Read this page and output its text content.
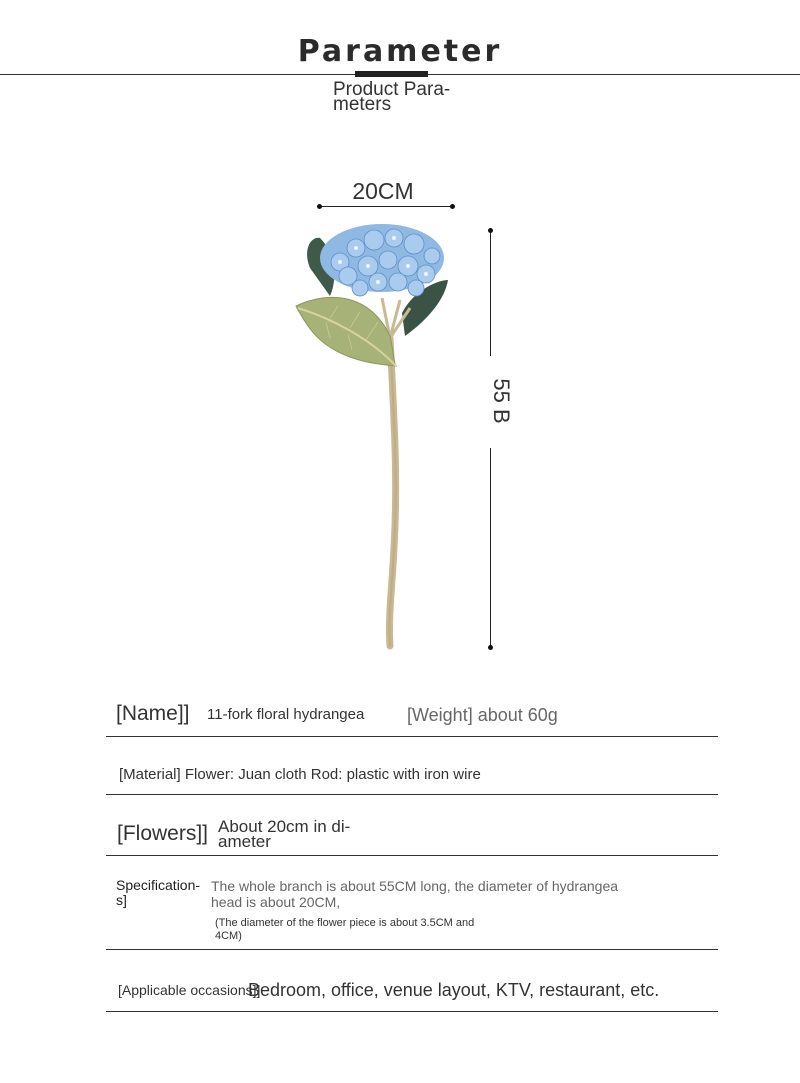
Parameter
Product Para-meters
20CM
55 B
[Name]] 11-fork floral hydrangea [Weight] about 60g
[Material] Flower: Juan cloth Rod: plastic with iron wire
[Flowers]] About 20cm in di-ameter
Specification-s]
The whole branch is about 55CM long, the diameter of hydrangea head is about 20CM,
(The diameter of the flower piece is about 3.5CM and 4CM)
[Applicable occasions]]
Bedroom, office, venue layout, KTV, restaurant, etc.
